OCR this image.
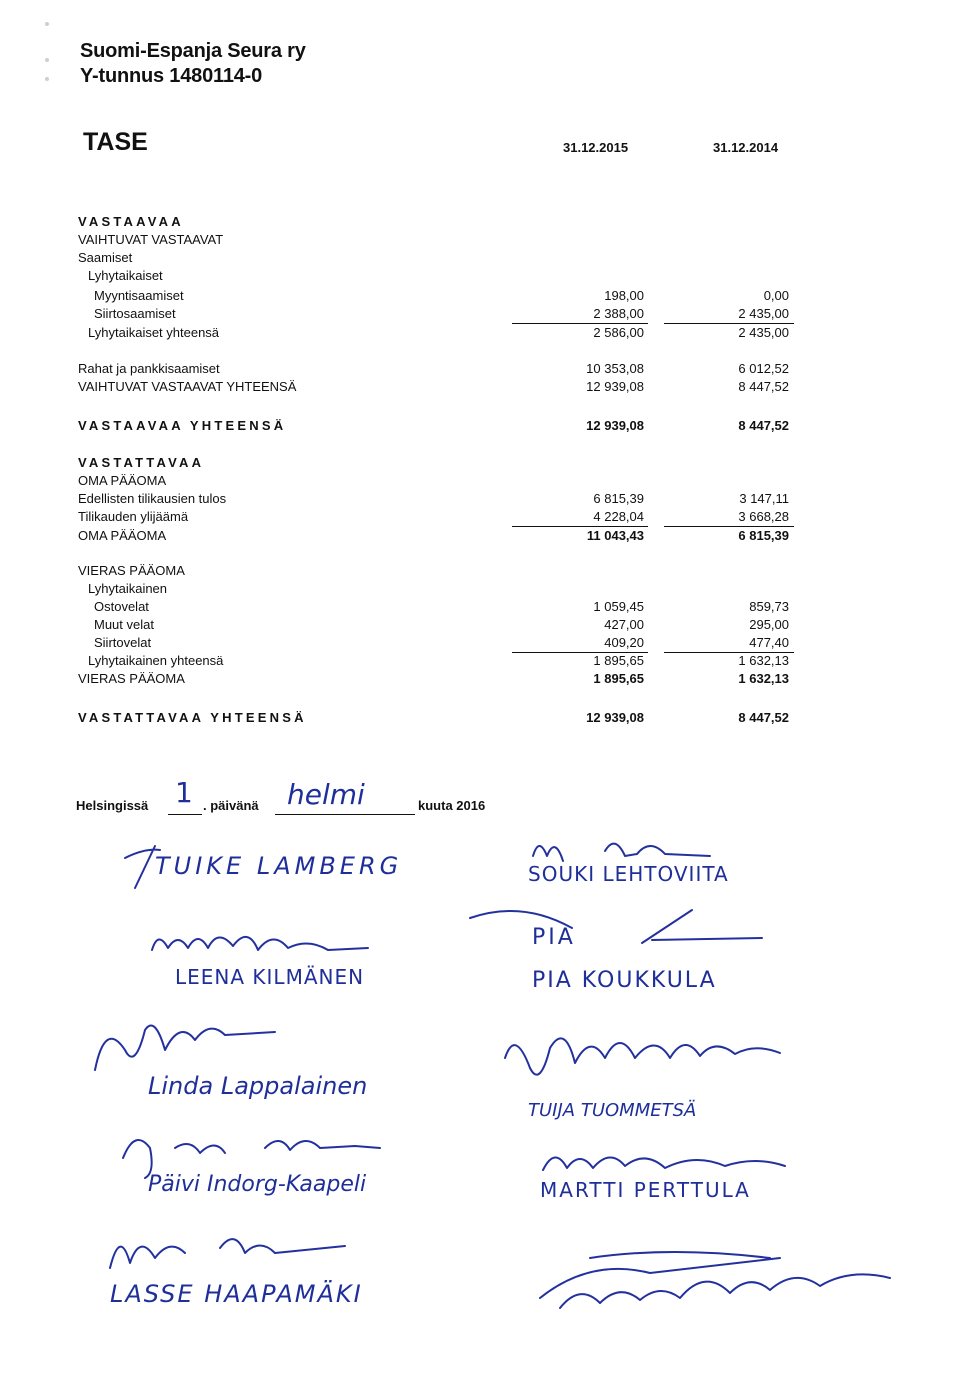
Suomi-Espanja Seura ry
Y-tunnus 1480114-0
TASE	31.12.2015	31.12.2014
VASTAAVAA
VAIHTUVAT VASTAAVAT
Saamiset
Lyhytaikaiset
Myyntisaamiset	198,00	0,00
Siirtosaamiset	2 388,00	2 435,00
Lyhytaikaiset yhteensä	2 586,00	2 435,00
Rahat ja pankkisaamiset	10 353,08	6 012,52
VAIHTUVAT VASTAAVAT YHTEENSÄ	12 939,08	8 447,52
VASTAAVAA YHTEENSÄ	12 939,08	8 447,52
VASTATTAVAA
OMA PÄÄOMA
Edellisten tilikausien tulos	6 815,39	3 147,11
Tilikauden ylijäämä	4 228,04	3 668,28
OMA PÄÄOMA	11 043,43	6 815,39
VIERAS PÄÄOMA
Lyhytaikainen
Ostovelat	1 059,45	859,73
Muut velat	427,00	295,00
Siirtovelat	409,20	477,40
Lyhytaikainen yhteensä	1 895,65	1 632,13
VIERAS PÄÄOMA	1 895,65	1 632,13
VASTATTAVAA YHTEENSÄ	12 939,08	8 447,52
Helsingissä 1 . päivänä helmi	kuuta 2016
TUIKE LAMBERG
LEENA KILMÄNEN
Linda Lappalainen
Päivi Indorg-Kaapeli
LASSE HAAPAMÄKI
SOUKI LEHTOVIITA
PIA
PIA KOUKKULA
TUIJA TUOMMETSÄ
MARTTI PERTTULA
